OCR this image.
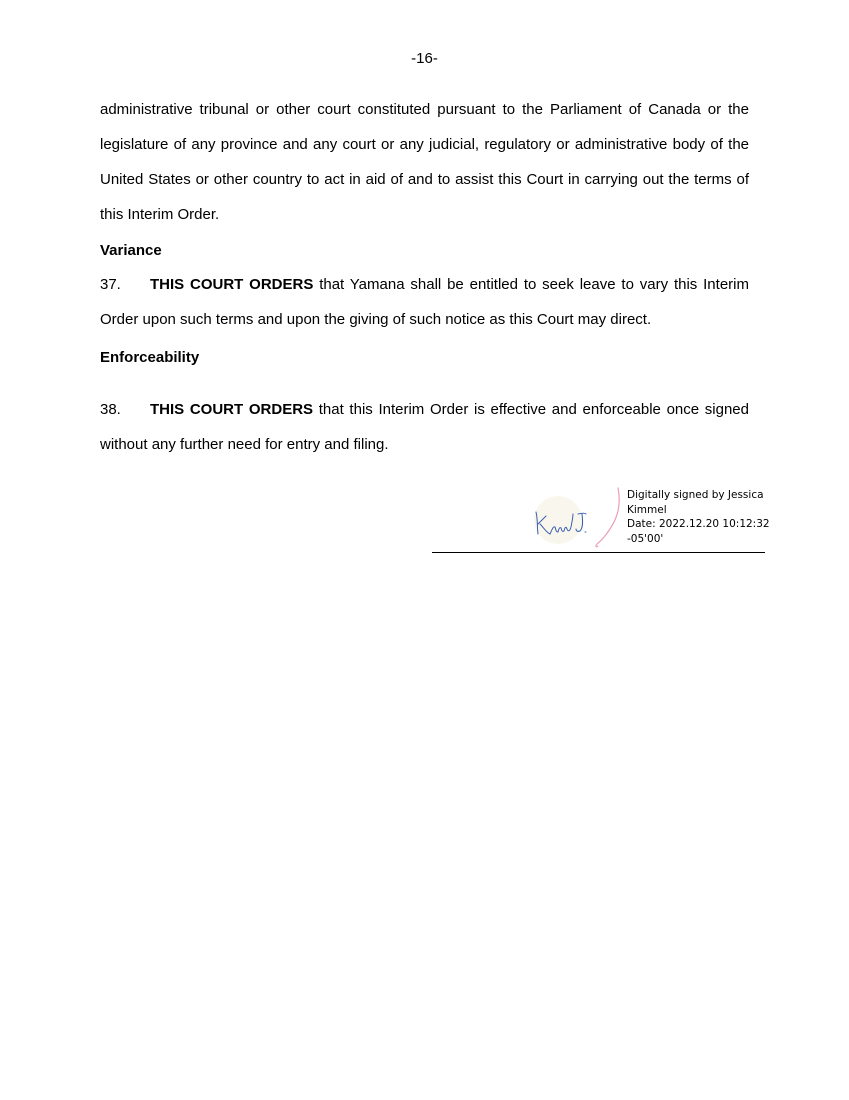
-16-

administrative tribunal or other court constituted pursuant to the Parliament of Canada or the legislature of any province and any court or any judicial, regulatory or administrative body of the United States or other country to act in aid of and to assist this Court in carrying out the terms of this Interim Order.

Variance

37. THIS COURT ORDERS that Yamana shall be entitled to seek leave to vary this Interim Order upon such terms and upon the giving of such notice as this Court may direct.

Enforceability

38. THIS COURT ORDERS that this Interim Order is effective and enforceable once signed without any further need for entry and filing.

Digitally signed by Jessica
Kimmel
Date: 2022.12.20 10:12:32
-05'00'
